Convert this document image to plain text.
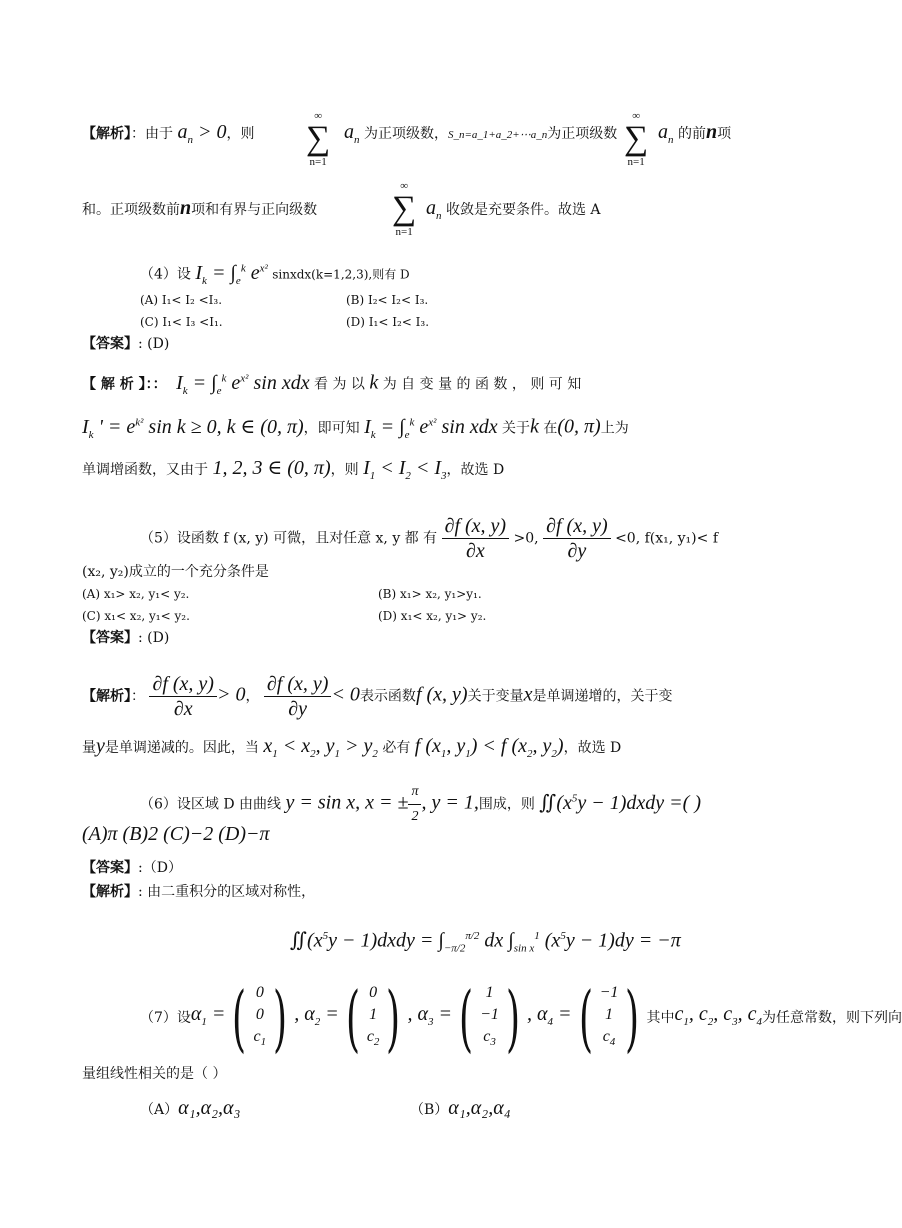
【解析】：由于 $a_n > 0$，则
∞
∑
n=1
$a_n$ 为正项级数，S_n=a_1+a_2+⋯a_n为正项级数
∞
∑
n=1
$a_n$ 的前n项
和。正项级数前n项和有界与正向级数
∞
∑
n=1
$a_n$ 收敛是充要条件。故选 A
（4）设 $I_k = \int_e^k$ $e^{x^2}$ sinxdx(k=1,2,3),则有 D
(A) I₁< I₂ <I₃.	(B) I₂< I₂< I₃.
(C) I₁< I₃ <I₁.	(D) I₁< I₂< I₃.
【答案】: (D)
【 解 析 】：：  $I_k = \int_e^k$ $e^{x^2}$ sin xdx 看 为 以 k 为 自 变 量 的 函 数 ， 则 可 知
$I_k$ ' = $e^{k^2}$ sin k ≥ 0, k ∈ (0, π)，即可知 $I_k = \int_e^k$ $e^{x^2}$ sin xdx 关于k 在(0, π)上为
单调增函数，又由于 1, 2, 3 ∈ (0, π)，则 $I_1 < I_2 < I_3$，故选 D
（5）设函数 f (x, y) 可微，且对任意 x, y 都 有 $\frac{\partial f (x, y)}{\partial x} >0$, $\frac{\partial f (x, y)}{\partial y} <0$, f(x₁, y₁)< f
(x₂, y₂)成立的一个充分条件是
(A) x₁> x₂, y₁< y₂.	(B) x₁> x₂, y₁>y₁.
(C) x₁< x₂, y₁< y₂.	(D) x₁< x₂, y₁> y₂.
【答案】: (D)
【解析】： $\frac{\partial f (x, y)}{\partial x} > 0$， $\frac{\partial f (x, y)}{\partial y} < 0$表示函数f (x, y)关于变量x是单调递增的，关于变
量y是单调递减的。因此，当 $x_1 < x_2$, $y_1 > y_2$ 必有 f ($x_1$, $y_1) < f$ ($x_2$, $y_2$)，故选 D
（6）设区域 D 由曲线 y = sin x, x = ± $\frac{\pi}{2}$ , y = 1,围成，则 $∬(x^5y$ − 1)dxdy =( )
(A)π (B)2 (C)−2 (D)−π
【答案】:（D）
【解析】: 由二重积分的区域对称性，
$∬(x^5y$ − 1)dxdy = $\int_{-\pi/2}^{\pi/2}$ dx $\int_{sin x}^1$ $(x^5y - 1)dy = -\pi$
（7）设 $\alpha_1$ = ( 0
0
$c_1$ ) , $\alpha_2$ = ( 0
1
$c_2$ ) , $\alpha_3$ = ( 1
−1
$c_3$ ) , $\alpha_4$ = ( −1
1
$c_4$ ) 其中 $c_1$, $c_2$, $c_3$, $c_4$ 为任意常数，则下列向
量组线性相关的是（ ）
（A）α₁,α₂,α₃	（B）α₁,α₂,α₄
